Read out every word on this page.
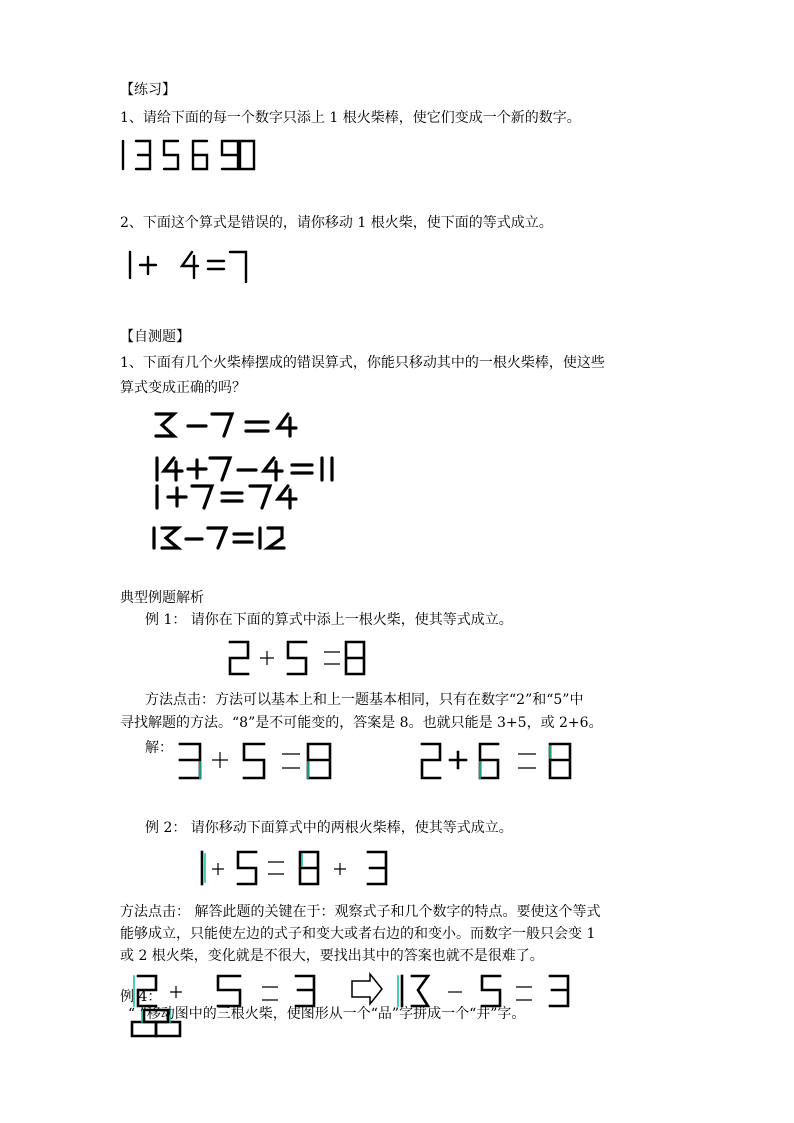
【练习】
1、请给下面的每一个数字只添上 1 根火柴棒，使它们变成一个新的数字。
2、下面这个算式是错误的，请你移动 1 根火柴，使下面的等式成立。
【自测题】
1、下面有几个火柴棒摆成的错误算式，你能只移动其中的一根火柴棒，使这些
算式变成正确的吗？
典型例题解析
例 1： 请你在下面的算式中添上一根火柴，使其等式成立。
方法点击：方法可以基本上和上一题基本相同，只有在数字“2”和“5”中
寻找解题的方法。“8”是不可能变的，答案是 8。也就只能是 3+5，或 2+6。
解：
例 2： 请你移动下面算式中的两根火柴棒，使其等式成立。
方法点击： 解答此题的关键在于：观察式子和几个数字的特点。要使这个等式
能够成立，只能使左边的式子和变大或者右边的和变小。而数字一般只会变 1
或 2 根火柴，变化就是不很大，要找出其中的答案也就不是很难了。
例 4：
“ ”移动图中的三根火柴，使图形从一个“品”字拼成一个“井”字。
